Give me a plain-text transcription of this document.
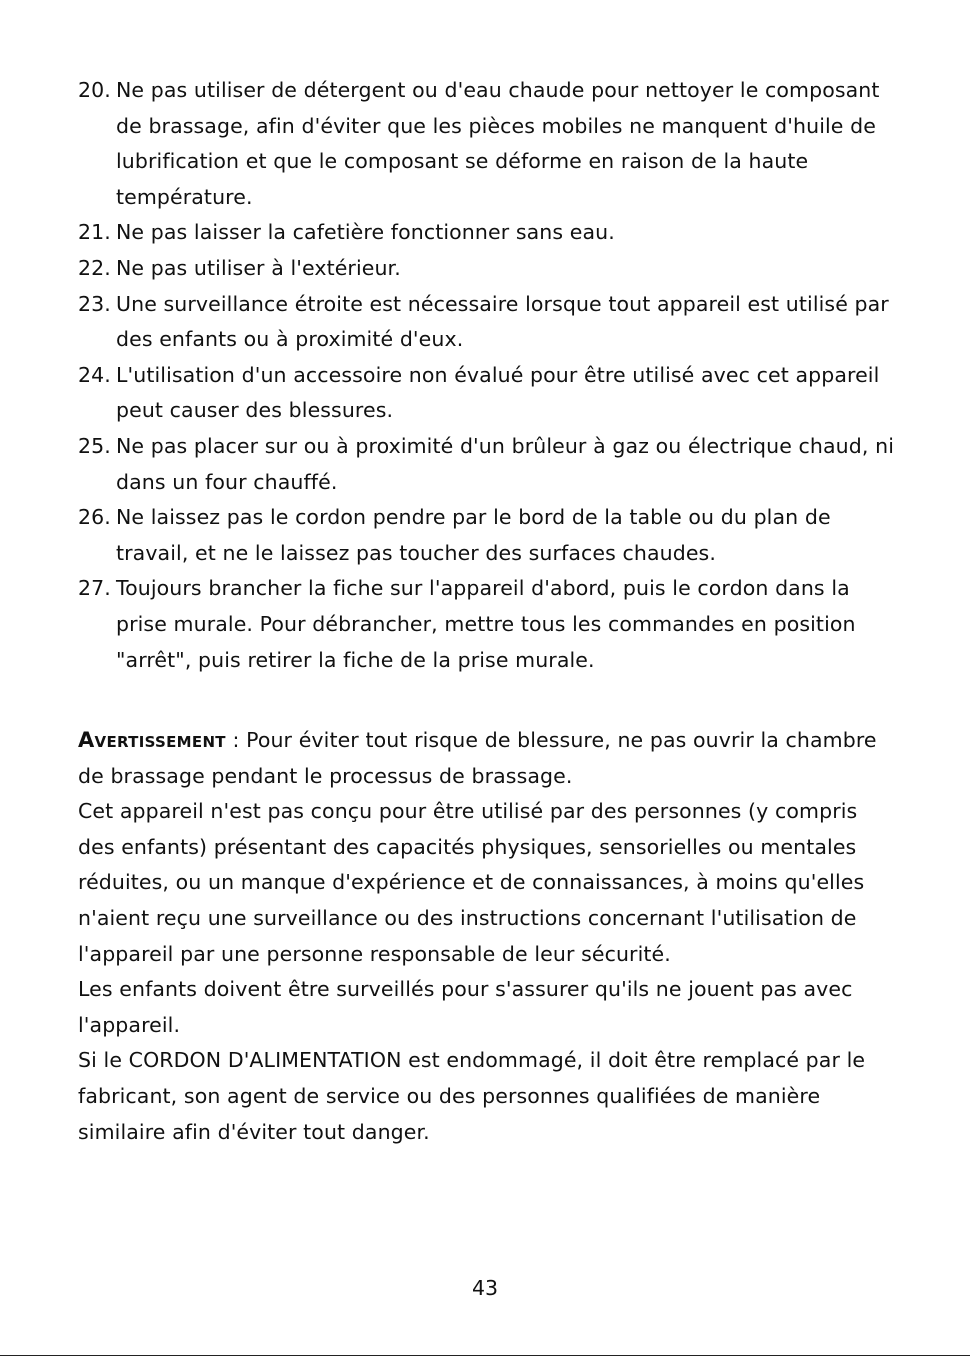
20. Ne pas utiliser de détergent ou d'eau chaude pour nettoyer le composant de brassage, afin d'éviter que les pièces mobiles ne manquent d'huile de lubrification et que le composant se déforme en raison de la haute température.
21. Ne pas laisser la cafetière fonctionner sans eau.
22. Ne pas utiliser à l'extérieur.
23. Une surveillance étroite est nécessaire lorsque tout appareil est utilisé par des enfants ou à proximité d'eux.
24. L'utilisation d'un accessoire non évalué pour être utilisé avec cet appareil peut causer des blessures.
25. Ne pas placer sur ou à proximité d'un brûleur à gaz ou électrique chaud, ni dans un four chauffé.
26. Ne laissez pas le cordon pendre par le bord de la table ou du plan de travail, et ne le laissez pas toucher des surfaces chaudes.
27. Toujours brancher la fiche sur l'appareil d'abord, puis le cordon dans la prise murale. Pour débrancher, mettre tous les commandes en position "arrêt", puis retirer la fiche de la prise murale.

Avertissement : Pour éviter tout risque de blessure, ne pas ouvrir la chambre de brassage pendant le processus de brassage.

Cet appareil n'est pas conçu pour être utilisé par des personnes (y compris des enfants) présentant des capacités physiques, sensorielles ou mentales réduites, ou un manque d'expérience et de connaissances, à moins qu'elles n'aient reçu une surveillance ou des instructions concernant l'utilisation de l'appareil par une personne responsable de leur sécurité.

Les enfants doivent être surveillés pour s'assurer qu'ils ne jouent pas avec l'appareil.

Si le CORDON D'ALIMENTATION est endommagé, il doit être remplacé par le fabricant, son agent de service ou des personnes qualifiées de manière similaire afin d'éviter tout danger.

43
